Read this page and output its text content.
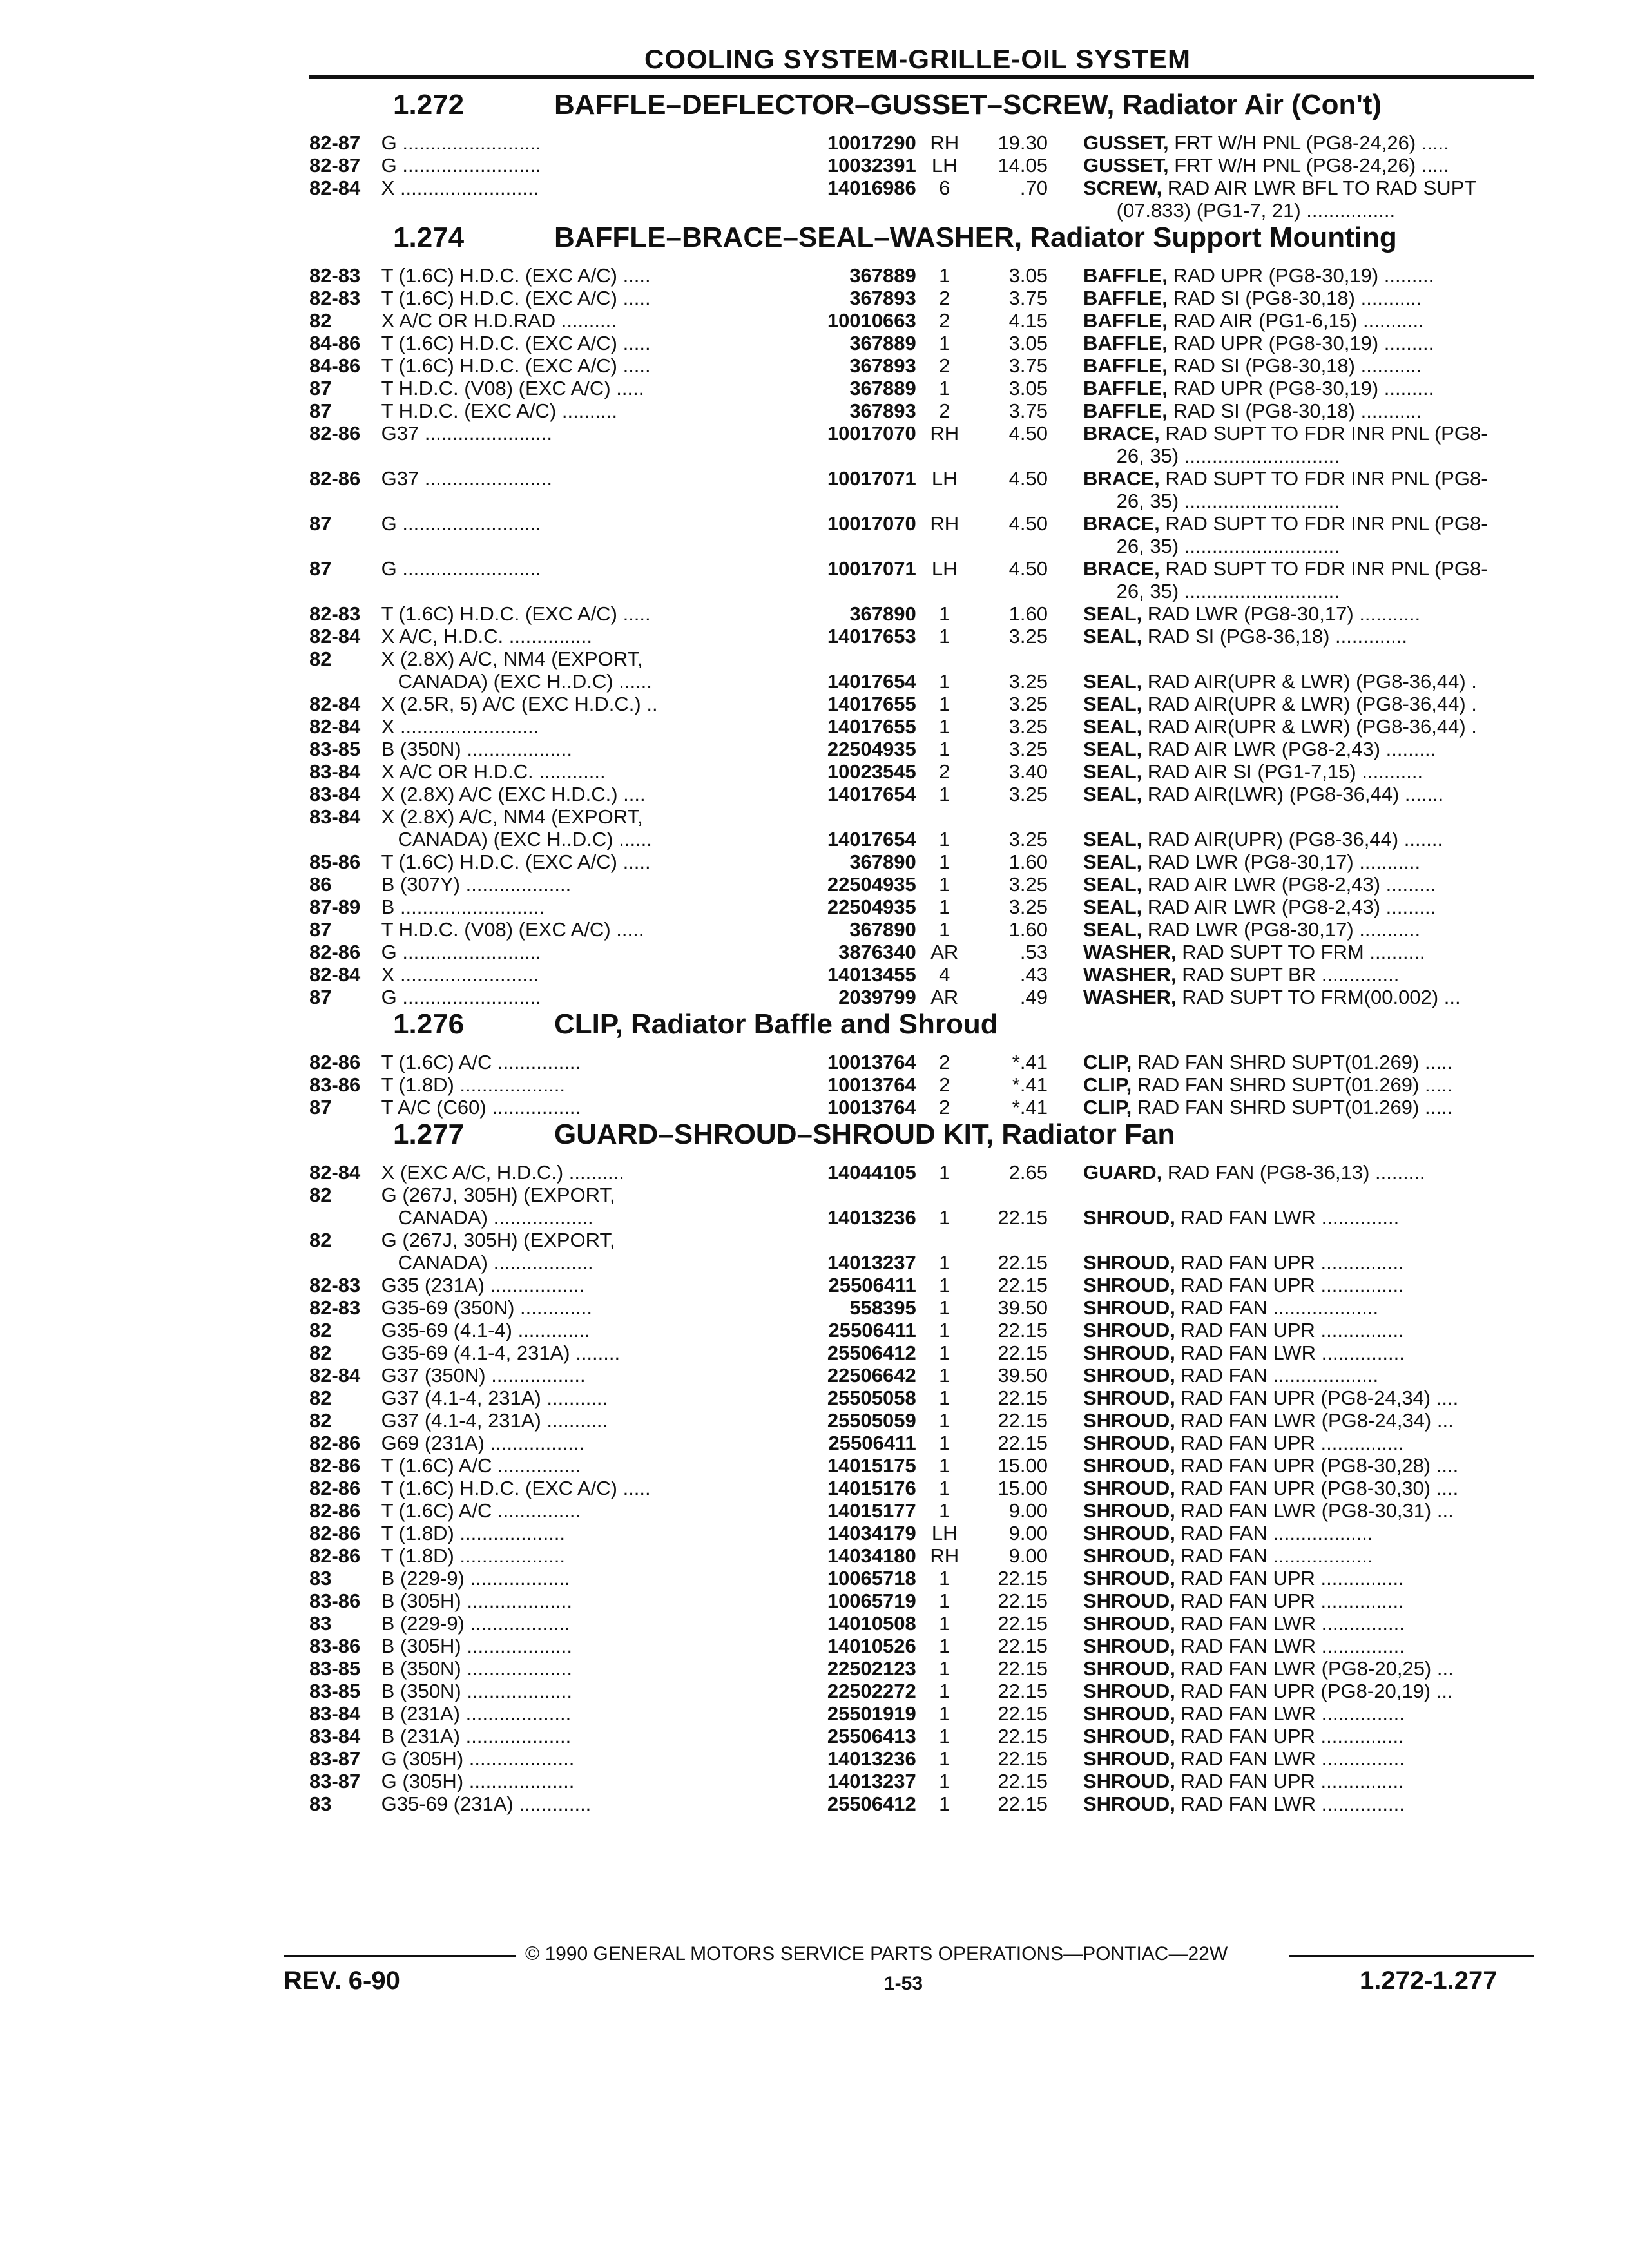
COOLING SYSTEM-GRILLE-OIL SYSTEM
1.272	BAFFLE–DEFLECTOR–GUSSET–SCREW, Radiator Air (Con't)
82-87	G .........................	10017290 RH	19.30 GUSSET, FRT W/H PNL (PG8-24,26) .....
82-87	G .........................	10032391 LH	14.05 GUSSET, FRT W/H PNL (PG8-24,26) .....
82-84	X .........................	14016986	6	.70 SCREW, RAD AIR LWR BFL TO RAD SUPT
(07.833) (PG1-7, 21) ................
1.274	BAFFLE–BRACE–SEAL–WASHER, Radiator Support Mounting
82-83	T (1.6C) H.D.C. (EXC A/C) .....	367889	1	3.05 BAFFLE, RAD UPR (PG8-30,19) .........
82-83	T (1.6C) H.D.C. (EXC A/C) .....	367893	2	3.75 BAFFLE, RAD SI (PG8-30,18) ...........
82	X A/C OR H.D.RAD ..........	10010663	2	4.15 BAFFLE, RAD AIR (PG1-6,15) ...........
84-86	T (1.6C) H.D.C. (EXC A/C) .....	367889	1	3.05 BAFFLE, RAD UPR (PG8-30,19) .........
84-86	T (1.6C) H.D.C. (EXC A/C) .....	367893	2	3.75 BAFFLE, RAD SI (PG8-30,18) ...........
87	T H.D.C. (V08) (EXC A/C) .....	367889	1	3.05 BAFFLE, RAD UPR (PG8-30,19) .........
87	T H.D.C. (EXC A/C) ..........	367893	2	3.75 BAFFLE, RAD SI (PG8-30,18) ...........
82-86	G37 .......................	10017070 RH	4.50 BRACE, RAD SUPT TO FDR INR PNL (PG8-
26, 35) ............................
82-86	G37 .......................	10017071 LH	4.50 BRACE, RAD SUPT TO FDR INR PNL (PG8-
26, 35) ............................
87	G .........................	10017070 RH	4.50 BRACE, RAD SUPT TO FDR INR PNL (PG8-
26, 35) ............................
87	G .........................	10017071 LH	4.50 BRACE, RAD SUPT TO FDR INR PNL (PG8-
26, 35) ............................
82-83	T (1.6C) H.D.C. (EXC A/C) .....	367890	1	1.60 SEAL, RAD LWR (PG8-30,17) ...........
82-84	X A/C, H.D.C. ...............	14017653	1	3.25 SEAL, RAD SI (PG8-36,18) .............
82	X (2.8X) A/C, NM4 (EXPORT,
CANADA) (EXC H..D.C) ......	14017654	1	3.25 SEAL, RAD AIR(UPR & LWR) (PG8-36,44) .
82-84	X (2.5R, 5) A/C (EXC H.D.C.) ..	14017655	1	3.25 SEAL, RAD AIR(UPR & LWR) (PG8-36,44) .
82-84	X .........................	14017655	1	3.25 SEAL, RAD AIR(UPR & LWR) (PG8-36,44) .
83-85	B (350N) ...................	22504935	1	3.25 SEAL, RAD AIR LWR (PG8-2,43) .........
83-84	X A/C OR H.D.C. ............	10023545	2	3.40 SEAL, RAD AIR SI (PG1-7,15) ...........
83-84	X (2.8X) A/C (EXC H.D.C.) ....	14017654	1	3.25 SEAL, RAD AIR(LWR) (PG8-36,44) .......
83-84	X (2.8X) A/C, NM4 (EXPORT,
CANADA) (EXC H..D.C) ......	14017654	1	3.25 SEAL, RAD AIR(UPR) (PG8-36,44) .......
85-86	T (1.6C) H.D.C. (EXC A/C) .....	367890	1	1.60 SEAL, RAD LWR (PG8-30,17) ...........
86	B (307Y) ...................	22504935	1	3.25 SEAL, RAD AIR LWR (PG8-2,43) .........
87-89	B ..........................	22504935	1	3.25 SEAL, RAD AIR LWR (PG8-2,43) .........
87	T H.D.C. (V08) (EXC A/C) .....	367890	1	1.60 SEAL, RAD LWR (PG8-30,17) ...........
82-86	G .........................	3876340 AR	.53 WASHER, RAD SUPT TO FRM ..........
82-84	X .........................	14013455	4	.43 WASHER, RAD SUPT BR ..............
87	G .........................	2039799 AR	.49 WASHER, RAD SUPT TO FRM(00.002) ...
1.276	CLIP, Radiator Baffle and Shroud
82-86	T (1.6C) A/C ...............	10013764	2	*.41 CLIP, RAD FAN SHRD SUPT(01.269) .....
83-86	T (1.8D) ...................	10013764	2	*.41 CLIP, RAD FAN SHRD SUPT(01.269) .....
87	T A/C (C60) ................	10013764	2	*.41 CLIP, RAD FAN SHRD SUPT(01.269) .....
1.277	GUARD–SHROUD–SHROUD KIT, Radiator Fan
82-84	X (EXC A/C, H.D.C.) ..........	14044105	1	2.65 GUARD, RAD FAN (PG8-36,13) .........
82	G (267J, 305H) (EXPORT,
CANADA) ..................	14013236	1	22.15 SHROUD, RAD FAN LWR ..............
82	G (267J, 305H) (EXPORT,
CANADA) ..................	14013237	1	22.15 SHROUD, RAD FAN UPR ...............
82-83	G35 (231A) .................	25506411	1	22.15 SHROUD, RAD FAN UPR ...............
82-83	G35-69 (350N) .............	558395	1	39.50 SHROUD, RAD FAN ...................
82	G35-69 (4.1-4) .............	25506411	1	22.15 SHROUD, RAD FAN UPR ...............
82	G35-69 (4.1-4, 231A) ........	25506412	1	22.15 SHROUD, RAD FAN LWR ...............
82-84	G37 (350N) .................	22506642	1	39.50 SHROUD, RAD FAN ...................
82	G37 (4.1-4, 231A) ...........	25505058	1	22.15 SHROUD, RAD FAN UPR (PG8-24,34) ....
82	G37 (4.1-4, 231A) ...........	25505059	1	22.15 SHROUD, RAD FAN LWR (PG8-24,34) ...
82-86	G69 (231A) .................	25506411	1	22.15 SHROUD, RAD FAN UPR ...............
82-86	T (1.6C) A/C ...............	14015175	1	15.00 SHROUD, RAD FAN UPR (PG8-30,28) ....
82-86	T (1.6C) H.D.C. (EXC A/C) .....	14015176	1	15.00 SHROUD, RAD FAN UPR (PG8-30,30) ....
82-86	T (1.6C) A/C ...............	14015177	1	9.00 SHROUD, RAD FAN LWR (PG8-30,31) ...
82-86	T (1.8D) ...................	14034179 LH	9.00 SHROUD, RAD FAN ..................
82-86	T (1.8D) ...................	14034180 RH	9.00 SHROUD, RAD FAN ..................
83	B (229-9) ..................	10065718	1	22.15 SHROUD, RAD FAN UPR ...............
83-86	B (305H) ...................	10065719	1	22.15 SHROUD, RAD FAN UPR ...............
83	B (229-9) ..................	14010508	1	22.15 SHROUD, RAD FAN LWR ...............
83-86	B (305H) ...................	14010526	1	22.15 SHROUD, RAD FAN LWR ...............
83-85	B (350N) ...................	22502123	1	22.15 SHROUD, RAD FAN LWR (PG8-20,25) ...
83-85	B (350N) ...................	22502272	1	22.15 SHROUD, RAD FAN UPR (PG8-20,19) ...
83-84	B (231A) ...................	25501919	1	22.15 SHROUD, RAD FAN LWR ...............
83-84	B (231A) ...................	25506413	1	22.15 SHROUD, RAD FAN UPR ...............
83-87	G (305H) ...................	14013236	1	22.15 SHROUD, RAD FAN LWR ...............
83-87	G (305H) ...................	14013237	1	22.15 SHROUD, RAD FAN UPR ...............
83	G35-69 (231A) .............	25506412	1	22.15 SHROUD, RAD FAN LWR ...............
© 1990 GENERAL MOTORS SERVICE PARTS OPERATIONS—PONTIAC—22W
REV. 6-90	1-53	1.272-1.277
